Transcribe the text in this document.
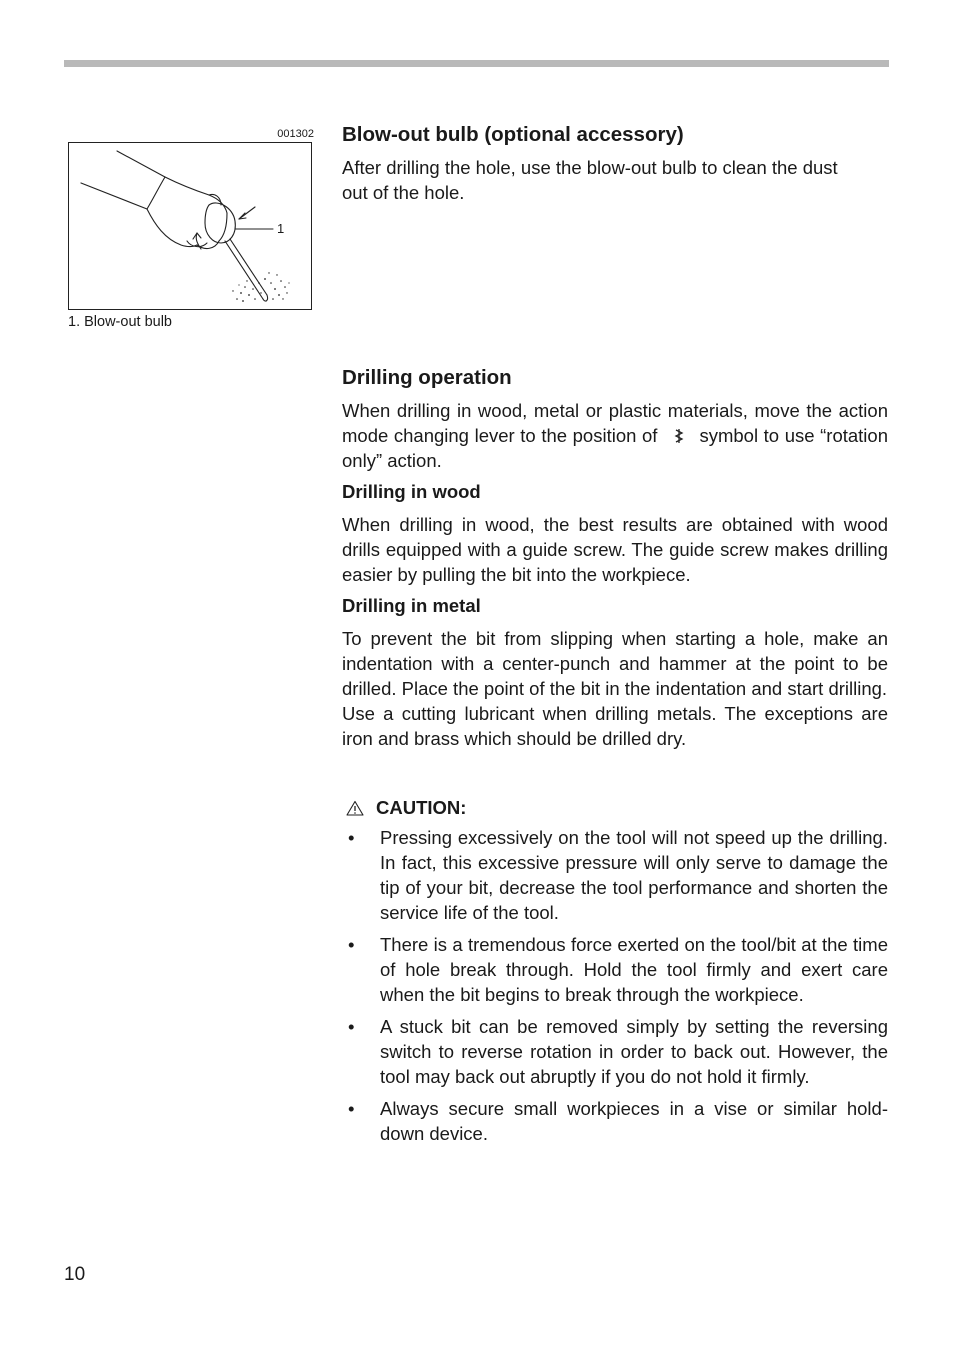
001302
1
1. Blow-out bulb
Blow-out bulb (optional accessory)

After drilling the hole, use the blow-out bulb to clean the dust
out of the hole.

Drilling operation

When drilling in wood, metal or plastic materials, move the action mode changing lever to the position of symbol to use “rotation only” action.

Drilling in wood

When drilling in wood, the best results are obtained with wood drills equipped with a guide screw. The guide screw makes drilling easier by pulling the bit into the workpiece.

Drilling in metal

To prevent the bit from slipping when starting a hole, make an indentation with a center-punch and hammer at the point to be drilled. Place the point of the bit in the indentation and start drilling.

Use a cutting lubricant when drilling metals. The exceptions are iron and brass which should be drilled dry.

CAUTION:
• Pressing excessively on the tool will not speed up the drilling. In fact, this excessive pressure will only serve to damage the tip of your bit, decrease the tool performance and shorten the service life of the tool.
• There is a tremendous force exerted on the tool/bit at the time of hole break through. Hold the tool firmly and exert care when the bit begins to break through the workpiece.
• A stuck bit can be removed simply by setting the reversing switch to reverse rotation in order to back out. However, the tool may back out abruptly if you do not hold it firmly.
• Always secure small workpieces in a vise or similar hold-down device.
10
